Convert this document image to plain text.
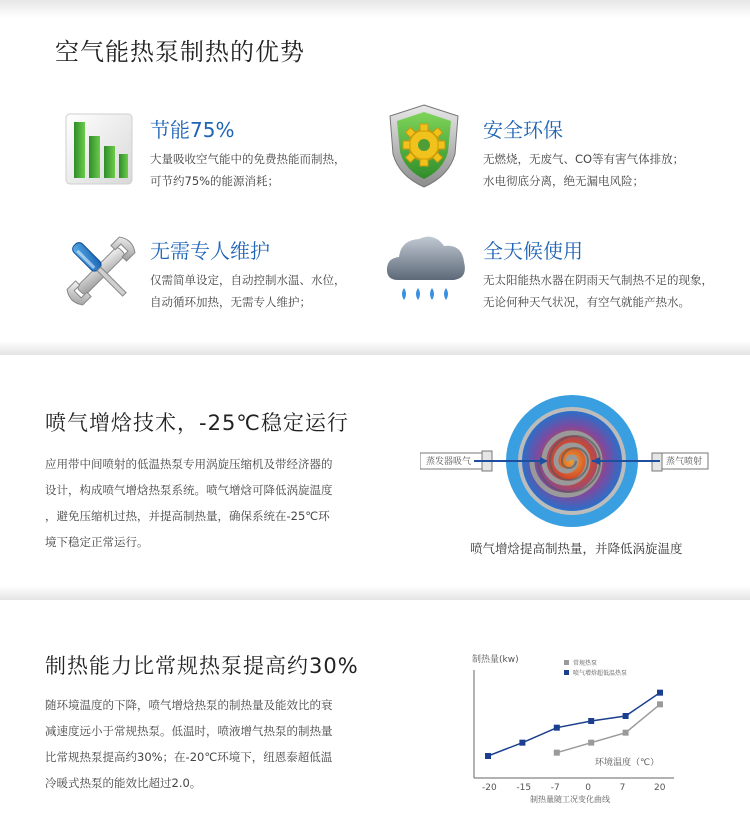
空气能热泵制热的优势
节能75%
大量吸收空气能中的免费热能而制热，
可节约75%的能源消耗；
安全环保
无燃烧，无废气、CO等有害气体排放；
水电彻底分离，绝无漏电风险；
无需专人维护
仅需简单设定，自动控制水温、水位，
自动循环加热，无需专人维护；
全天候使用
无太阳能热水器在阴雨天气制热不足的现象，
无论何种天气状况，有空气就能产热水。
喷气增焓技术，-25℃稳定运行
应用带中间喷射的低温热泵专用涡旋压缩机及带经济器的
设计，构成喷气增焓热泵系统。喷气增焓可降低涡旋温度
，避免压缩机过热，并提高制热量，确保系统在-25℃环
境下稳定正常运行。
蒸发器吸气	蒸气喷射
喷气增焓提高制热量，并降低涡旋温度
制热能力比常规热泵提高约30%
随环境温度的下降，喷气增焓热泵的制热量及能效比的衰
减速度远小于常规热泵。低温时，喷液增气热泵的制热量
比常规热泵提高约30%；在-20℃环境下，纽恩泰超低温
冷暖式热泵的能效比超过2.0。
制热量(kw)	常规热泵
喷气增焓超低温热泵
环境温度（℃）
-20 -15 -7	0	7	20
制热量随工况变化曲线
